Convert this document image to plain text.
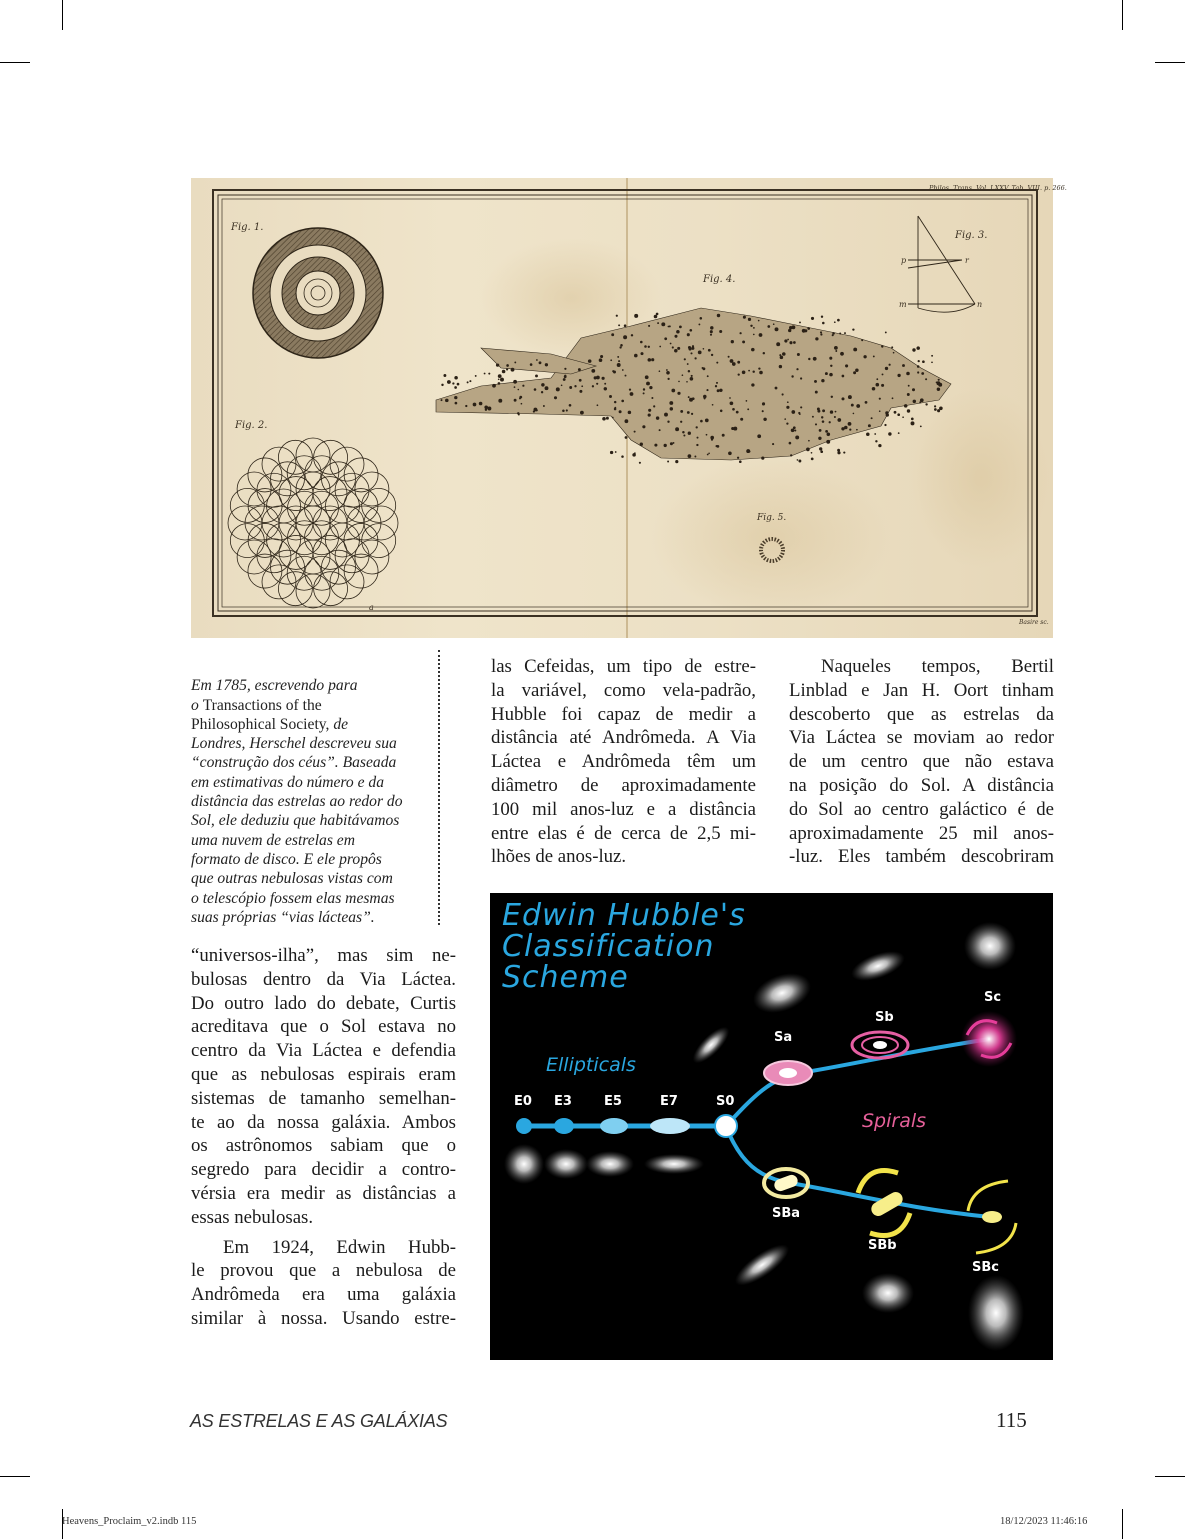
Fig. 1.
Fig. 2.
a
Fig. 3.
p	r
m	n
Fig. 4.
Fig. 5.
Philos. Trans. Vol. LXXV. Tab. VIII. p. 266.
Basire sc.

Em 1785, escrevendo para
o Transactions of the
Philosophical Society, de
Londres, Herschel descreveu sua
“construção dos céus”. Baseada
em estimativas do número e da
distância das estrelas ao redor do
Sol, ele deduziu que habitávamos
uma nuvem de estrelas em
formato de disco. E ele propôs
que outras nebulosas vistas com
o telescópio fossem elas mesmas
suas próprias “vias lácteas”.

las Cefeidas, um tipo de estre-
la variável, como vela-padrão,
Hubble foi capaz de medir a
distância até Andrômeda. A Via
Láctea e Andrômeda têm um
diâmetro de aproximadamente
100 mil anos-luz e a distância
entre elas é de cerca de 2,5 mi-
lhões de anos-luz.
Naqueles tempos, Bertil
Linblad e Jan H. Oort tinham
descoberto que as estrelas da
Via Láctea se moviam ao redor
de um centro que não estava
na posição do Sol. A distância
do Sol ao centro galáctico é de
aproximadamente 25 mil anos-
-luz. Eles também descobriram
“universos-ilha”, mas sim ne-
bulosas dentro da Via Láctea.
Do outro lado do debate, Curtis
acreditava que o Sol estava no
centro da Via Láctea e defendia
que as nebulosas espirais eram
sistemas de tamanho semelhan-
te ao da nossa galáxia. Ambos
os astrônomos sabiam que o
segredo para decidir a contro-
vérsia era medir as distâncias a
essas nebulosas.
Em 1924, Edwin Hubb-
le provou que a nebulosa de
Andrômeda era uma galáxia
similar à nossa. Usando estre-
Edwin Hubble's
Classification
Scheme
E0 E3 E5	E7	S0
Sa
Sb
Sc
SBa
SBb
SBc
Ellipticals
Spirals
AS ESTRELAS E AS GALÁXIAS	115
Heavens_Proclaim_v2.indb 115	18/12/2023 11:46:16
